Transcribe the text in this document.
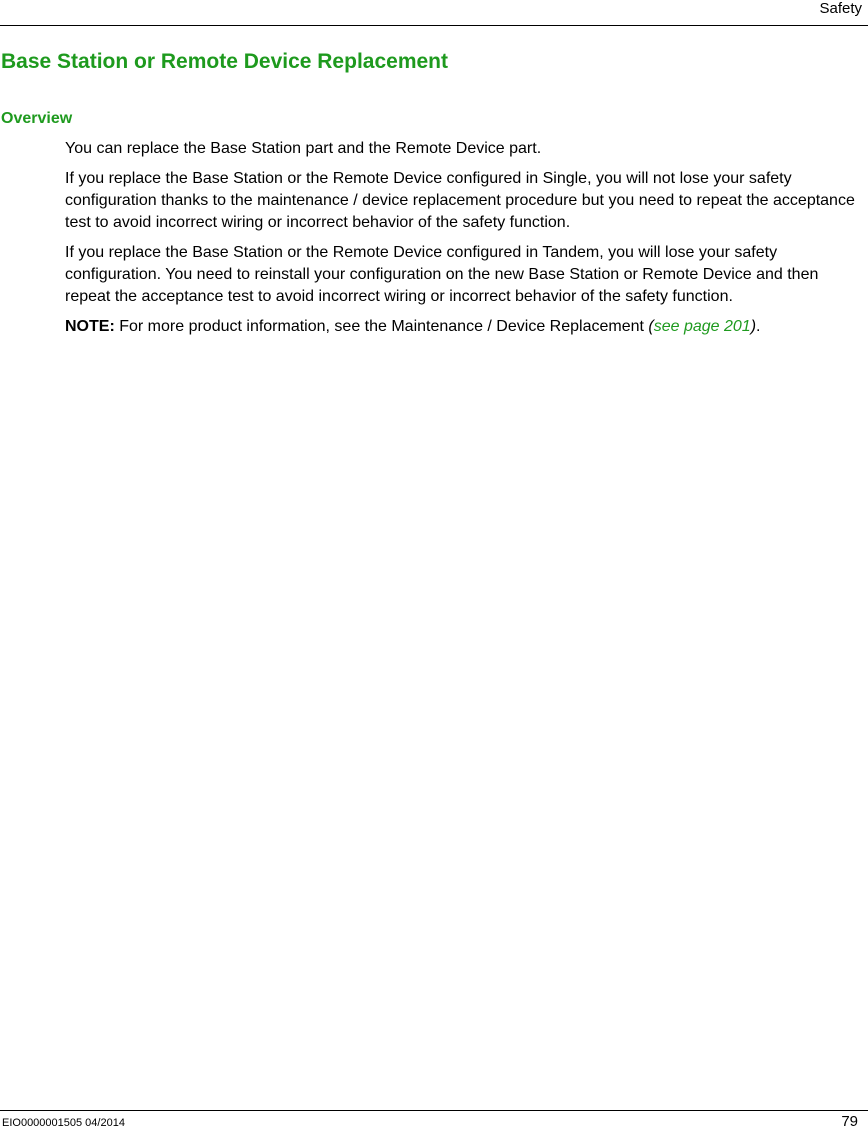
Safety
Base Station or Remote Device Replacement
Overview

You can replace the Base Station part and the Remote Device part.

If you replace the Base Station or the Remote Device configured in Single, you will not lose your safety configuration thanks to the maintenance / device replacement procedure but you need to repeat the acceptance test to avoid incorrect wiring or incorrect behavior of the safety function.

If you replace the Base Station or the Remote Device configured in Tandem, you will lose your safety configuration. You need to reinstall your configuration on the new Base Station or Remote Device and then repeat the acceptance test to avoid incorrect wiring or incorrect behavior of the safety function.

NOTE: For more product information, see the Maintenance / Device Replacement (see page 201).

EIO0000001505 04/2014	79
